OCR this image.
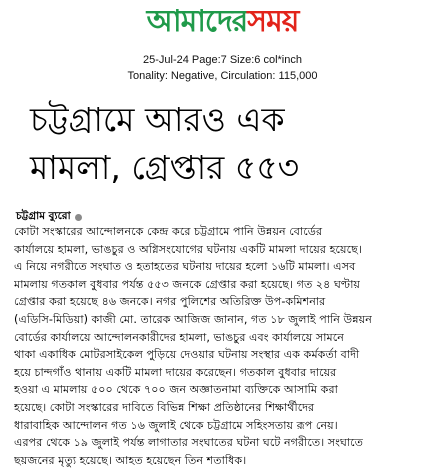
আমাদেরসময়
25-Jul-24 Page:7 Size:6 col*inch
Tonality: Negative, Circulation: 115,000
চট্টগ্রামে আরও এক
মামলা, গ্রেপ্তার ৫৫৩
চট্টগ্রাম ব্যুরো
কোটা সংস্কারের আন্দোলনকে কেন্দ্র করে চট্টগ্রামে পানি উন্নয়ন বোর্ডের
কার্যালয়ে হামলা, ভাঙচুর ও অগ্নিসংযোগের ঘটনায় একটি মামলা দায়ের হয়েছে।
এ নিয়ে নগরীতে সংঘাত ও হতাহতের ঘটনায় দায়ের হলো ১৬টি মামলা। এসব
মামলায় গতকাল বুধবার পর্যন্ত ৫৫৩ জনকে গ্রেপ্তার করা হয়েছে। গত ২৪ ঘণ্টায়
গ্রেপ্তার করা হয়েছে ৪৬ জনকে। নগর পুলিশের অতিরিক্ত উপ-কমিশনার
(এডিসি-মিডিয়া) কাজী মো. তারেক আজিজ জানান, গত ১৮ জুলাই পানি উন্নয়ন
বোর্ডের কার্যালয়ে আন্দোলনকারীদের হামলা, ভাঙচুর এবং কার্যালয়ে সামনে
থাকা একাধিক মোটরসাইকেল পুড়িয়ে দেওয়ার ঘটনায় সংস্থার এক কর্মকর্তা বাদী
হয়ে চান্দগাঁও থানায় একটি মামলা দায়ের করেছেন। গতকাল বুধবার দায়ের
হওয়া এ মামলায় ৫০০ থেকে ৭০০ জন অজ্ঞাতনামা ব্যক্তিকে আসামি করা
হয়েছে। কোটা সংস্কারের দাবিতে বিভিন্ন শিক্ষা প্রতিষ্ঠানের শিক্ষার্থীদের
ধারাবাহিক আন্দোলন গত ১৬ জুলাই থেকে চট্টগ্রামে সহিংসতায় রূপ নেয়।
এরপর থেকে ১৯ জুলাই পর্যন্ত লাগাতার সংঘাতের ঘটনা ঘটে নগরীতে। সংঘাতে
ছয়জনের মৃত্যু হয়েছে। আহত হয়েছেন তিন শতাধিক।
